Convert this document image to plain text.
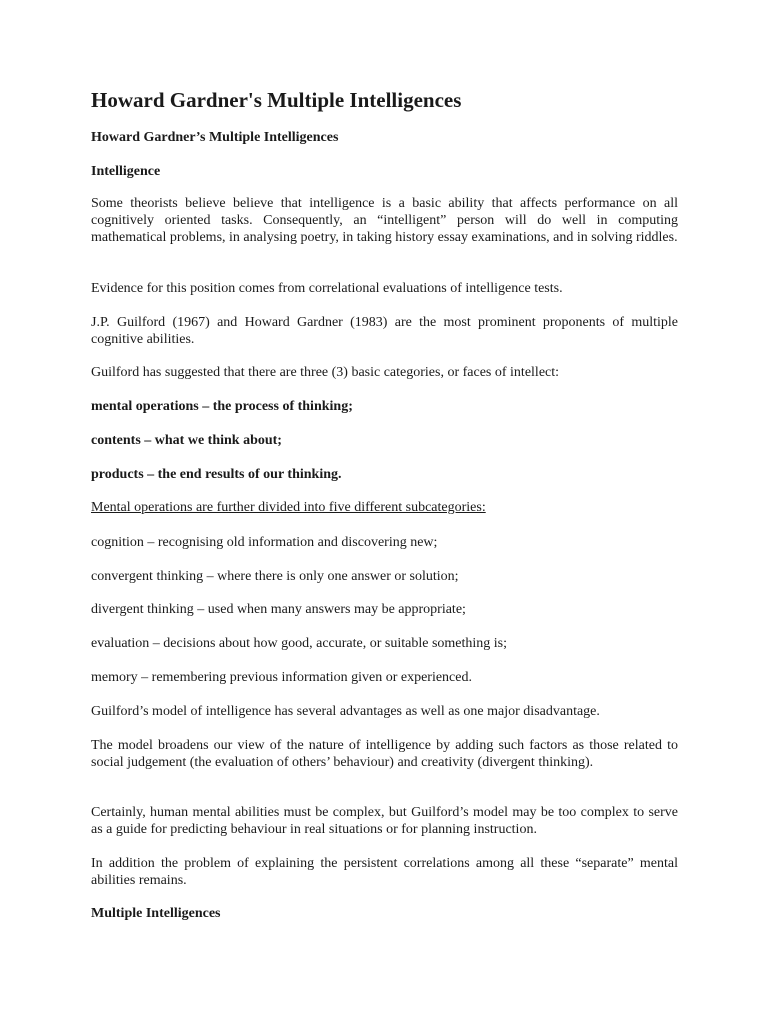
Howard Gardner's Multiple Intelligences

Howard Gardner’s Multiple Intelligences

Intelligence

Some theorists believe believe that intelligence is a basic ability that affects performance on all cognitively oriented tasks. Consequently, an “intelligent” person will do well in computing mathematical problems, in analysing poetry, in taking history essay examinations, and in solving riddles.

Evidence for this position comes from correlational evaluations of intelligence tests.

J.P. Guilford (1967) and Howard Gardner (1983) are the most prominent proponents of multiple cognitive abilities.

Guilford has suggested that there are three (3) basic categories, or faces of intellect:

mental operations – the process of thinking;

contents – what we think about;

products – the end results of our thinking.

Mental operations are further divided into five different subcategories:

cognition – recognising old information and discovering new;

convergent thinking – where there is only one answer or solution;

divergent thinking – used when many answers may be appropriate;

evaluation – decisions about how good, accurate, or suitable something is;

memory – remembering previous information given or experienced.

Guilford’s model of intelligence has several advantages as well as one major disadvantage.

The model broadens our view of the nature of intelligence by adding such factors as those related to social judgement (the evaluation of others’ behaviour) and creativity (divergent thinking).

Certainly, human mental abilities must be complex, but Guilford’s model may be too complex to serve as a guide for predicting behaviour in real situations or for planning instruction.

In addition the problem of explaining the persistent correlations among all these “separate” mental abilities remains.

Multiple Intelligences
